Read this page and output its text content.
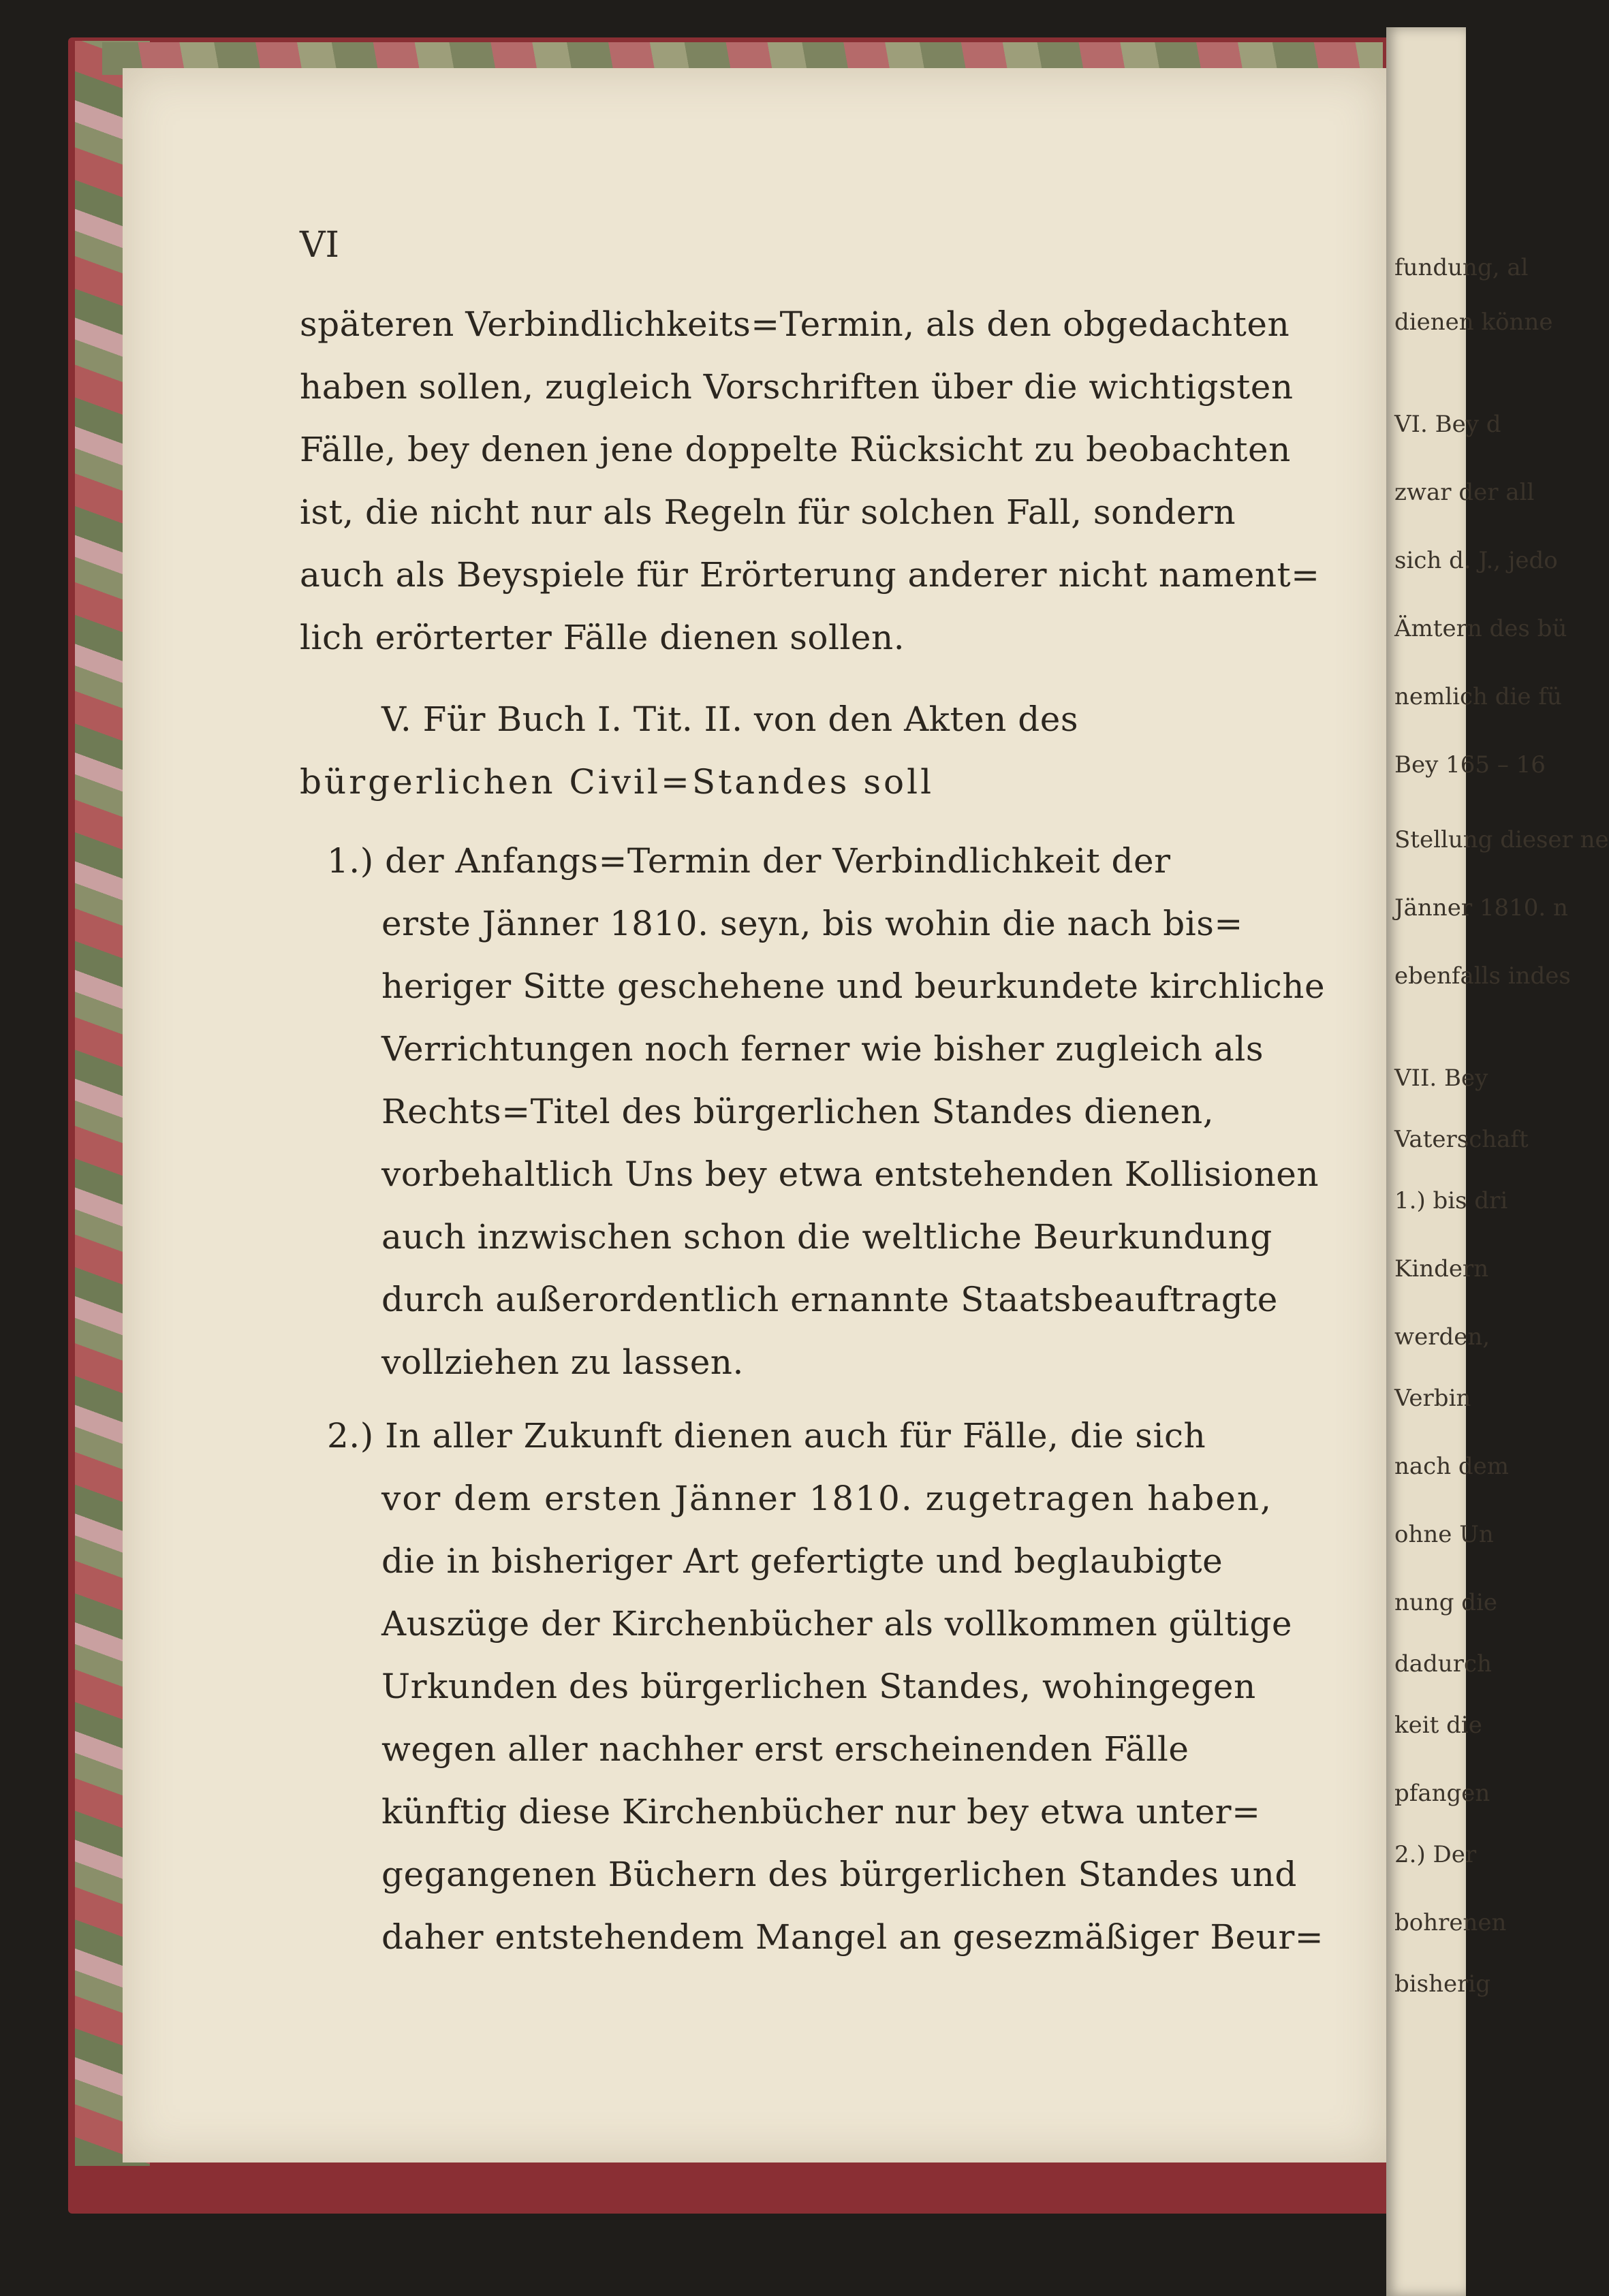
VI
späteren Verbindlichkeits=Termin, als den obgedachten
haben sollen, zugleich Vorschriften über die wichtigsten
Fälle, bey denen jene doppelte Rücksicht zu beobachten
ist, die nicht nur als Regeln für solchen Fall, sondern
auch als Beyspiele für Erörterung anderer nicht nament=
lich erörterter Fälle dienen sollen.
V. Für Buch I. Tit. II. von den Akten des
bürgerlichen Civil=Standes soll
1.) der Anfangs=Termin der Verbindlichkeit der
erste Jänner 1810. seyn, bis wohin die nach bis=
heriger Sitte geschehene und beurkundete kirchliche
Verrichtungen noch ferner wie bisher zugleich als
Rechts=Titel des bürgerlichen Standes dienen,
vorbehaltlich Uns bey etwa entstehenden Kollisionen
auch inzwischen schon die weltliche Beurkundung
durch außerordentlich ernannte Staatsbeauftragte
vollziehen zu lassen.
2.) In aller Zukunft dienen auch für Fälle, die sich
vor dem ersten Jänner 1810. zugetragen haben,
die in bisheriger Art gefertigte und beglaubigte
Auszüge der Kirchenbücher als vollkommen gültige
Urkunden des bürgerlichen Standes, wohingegen
wegen aller nachher erst erscheinenden Fälle
künftig diese Kirchenbücher nur bey etwa unter=
gegangenen Büchern des bürgerlichen Standes und
daher entstehendem Mangel an gesezmäßiger Beur=
fundung, al
dienen könne
VI. Bey d
zwar der all
sich d. J., jedo
Ämtern des bü
nemlich die fü
Bey 165 – 16
Stellung dieser ne
Jänner 1810. n
ebenfalls indes
VII. Bey
Vaterschaft
1.) bis dri
Kindern
werden,
Verbin
nach dem
ohne Un
nung die
dadurch
keit die
pfangen
2.) Der
bohrenen
bisherig
